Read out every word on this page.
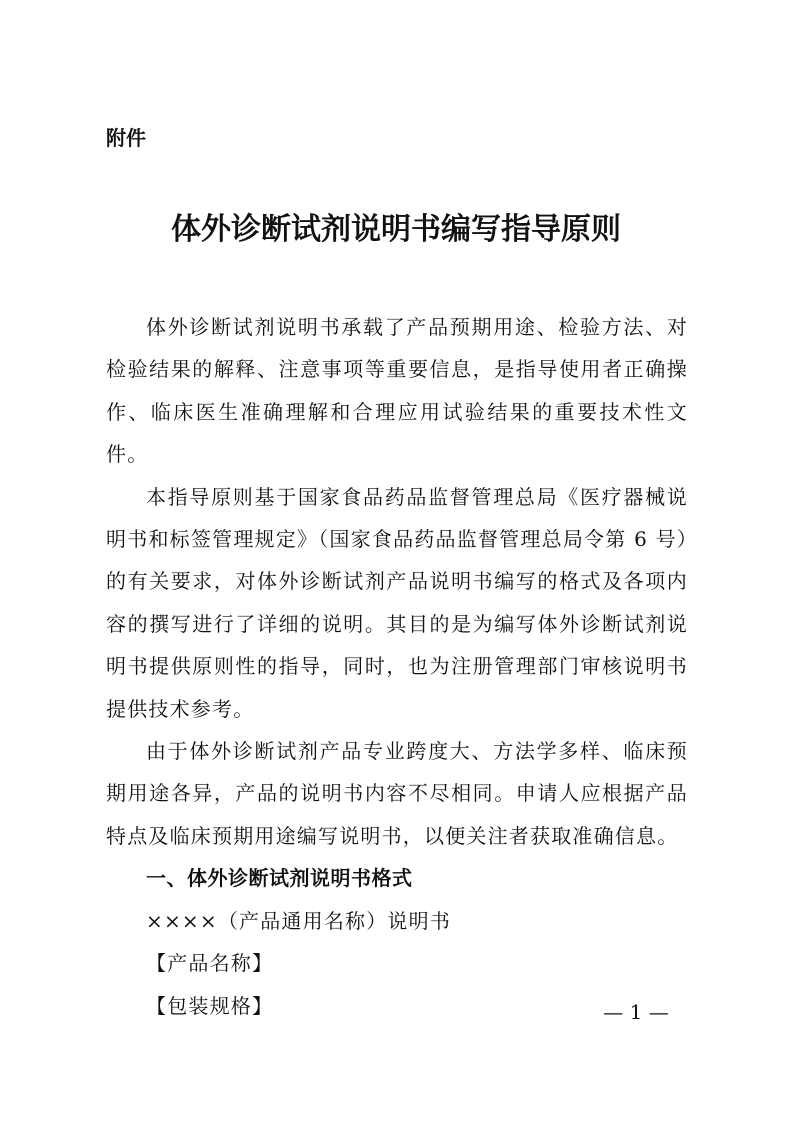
附件
体外诊断试剂说明书编写指导原则

体外诊断试剂说明书承载了产品预期用途、检验方法、对检验结果的解释、注意事项等重要信息，是指导使用者正确操作、临床医生准确理解和合理应用试验结果的重要技术性文件。

本指导原则基于国家食品药品监督管理总局《医疗器械说明书和标签管理规定》（国家食品药品监督管理总局令第 6 号）的有关要求，对体外诊断试剂产品说明书编写的格式及各项内容的撰写进行了详细的说明。其目的是为编写体外诊断试剂说明书提供原则性的指导，同时，也为注册管理部门审核说明书提供技术参考。

由于体外诊断试剂产品专业跨度大、方法学多样、临床预期用途各异，产品的说明书内容不尽相同。申请人应根据产品特点及临床预期用途编写说明书，以便关注者获取准确信息。

一、体外诊断试剂说明书格式

××××（产品通用名称）说明书

【产品名称】

【包装规格】	— 1 —
